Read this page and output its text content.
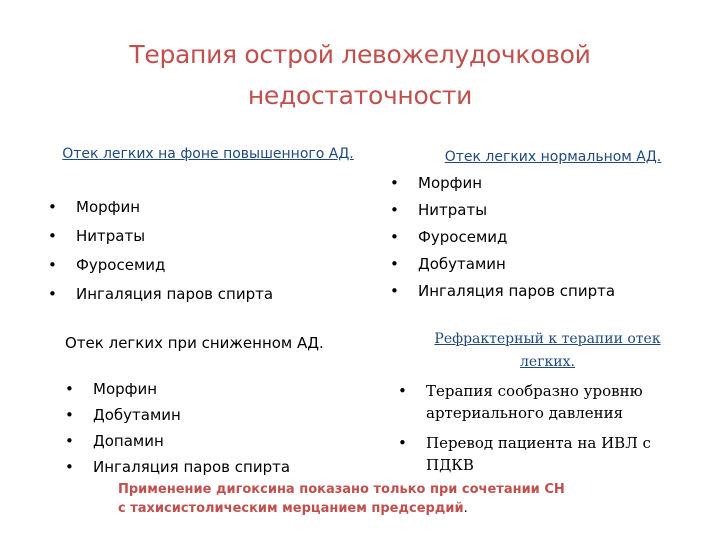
Терапия острой левожелудочковой недостаточности
Отек легких на фоне повышенного АД.
• Морфин
• Нитраты
• Фуросемид
• Ингаляция паров спирта
Отек легких нормальном АД.
• Морфин
• Нитраты
• Фуросемид
• Добутамин
• Ингаляция паров спирта
Отек легких при сниженном АД.
• Морфин
• Добутамин
• Допамин
• Ингаляция паров спирта
Рефрактерный к терапии отек легких.
• Терапия сообразно уровню артериального давления
• Перевод пациента на ИВЛ с ПДКВ
Применение дигоксина показано только при сочетании СН с тахисистолическим мерцанием предсердий.
